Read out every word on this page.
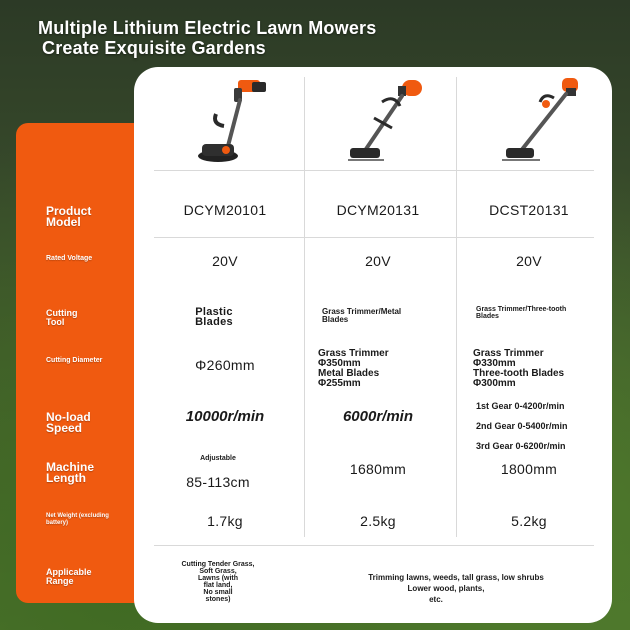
Multiple Lithium Electric Lawn Mowers
Create Exquisite Gardens
Product
Model
Rated Voltage
Cutting
Tool
Cutting Diameter
No-load
Speed
Machine
Length
Net Weight (excluding
battery)
Applicable
Range
DCYM20101
20V
Plastic
Blades
Φ260mm
10000r/min
Adjustable
85-113cm
1.7kg
Cutting Tender Grass,
Soft Grass,
Lawns (with
flat land,
No small
stones)
DCYM20131
20V
Grass Trimmer/Metal
Blades
Grass Trimmer
Φ350mm
Metal Blades
Φ255mm
6000r/min
1680mm
2.5kg
DCST20131
20V
Grass Trimmer/Three-tooth
Blades
Grass Trimmer
Φ330mm
Three-tooth Blades
Φ300mm
1st Gear 0-4200r/min
2nd Gear 0-5400r/min
3rd Gear 0-6200r/min
1800mm
5.2kg
Trimming lawns, weeds, tall grass, low shrubs
Lower wood, plants,
etc.
